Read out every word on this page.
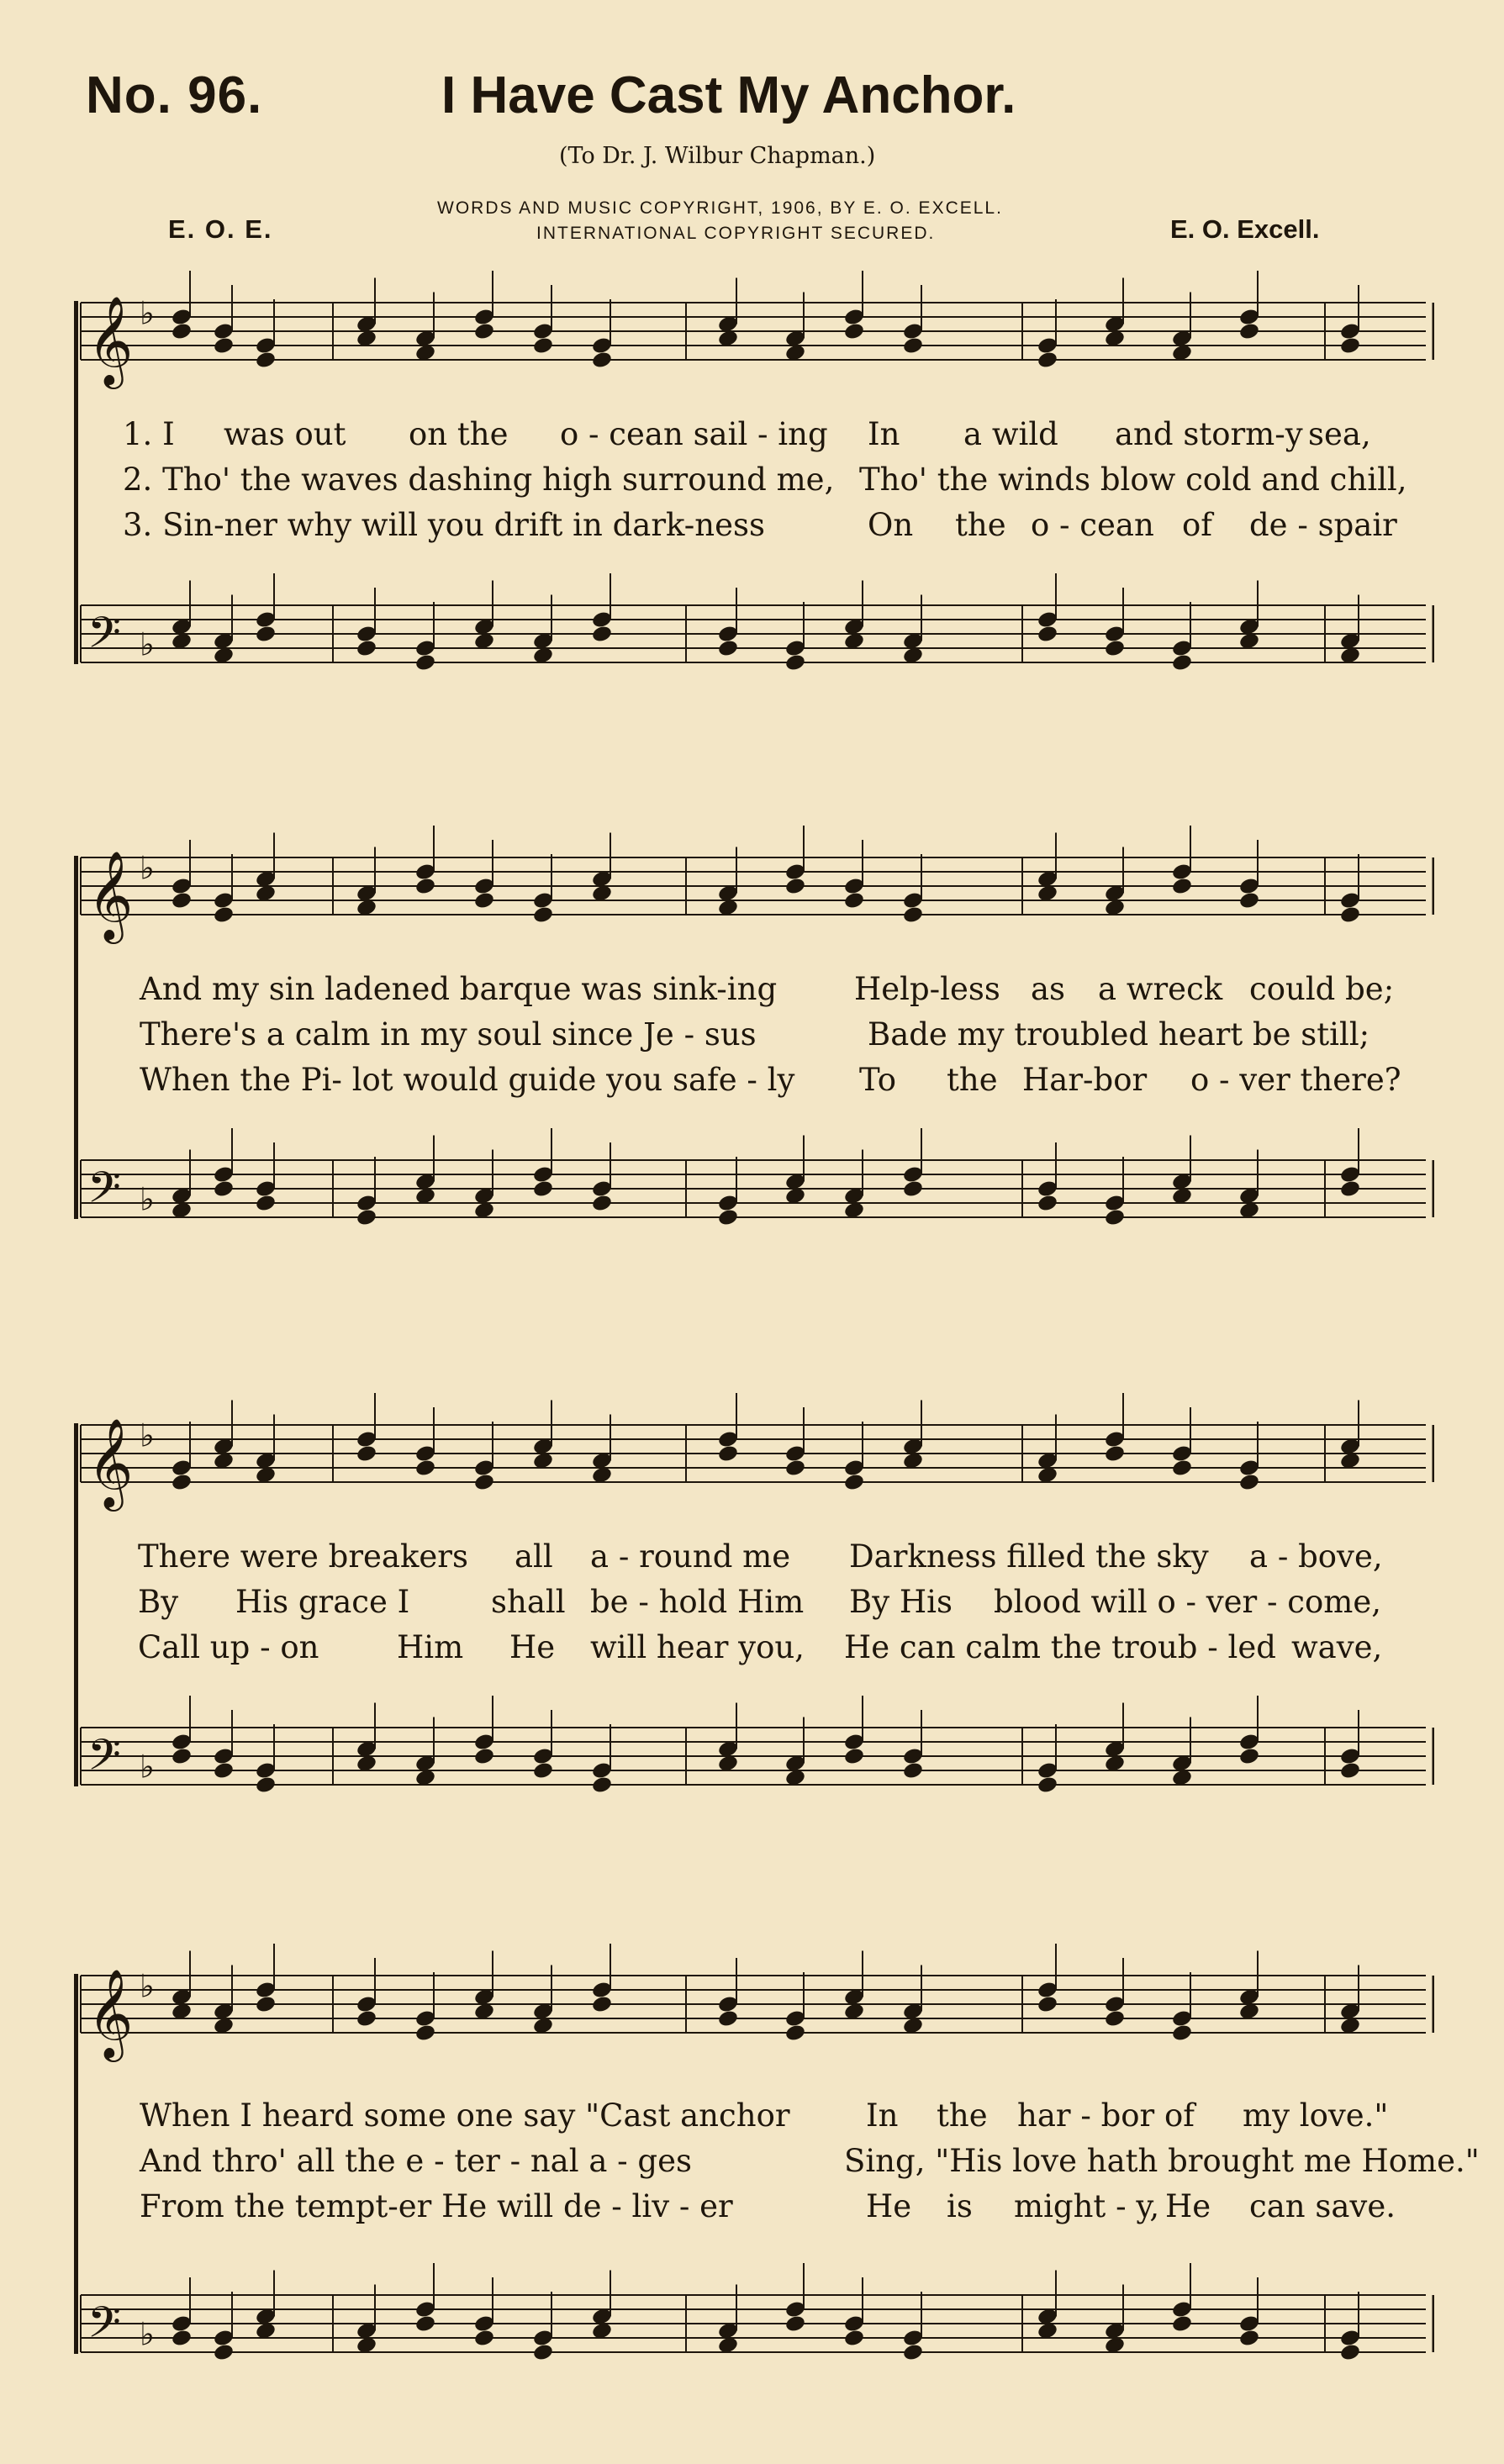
No. 96.	I Have Cast My Anchor.
(To Dr. J. Wilbur Chapman.)
WORDS AND MUSIC COPYRIGHT, 1906, BY E. O. EXCELL.
INTERNATIONAL COPYRIGHT SECURED.
E. O. E.	E. O. Excell.
𝄞 ♭
1. I was out on the o - cean sail - ing In a wild and storm-y sea,
2. Tho' the waves dashing high surround me, Tho' the winds blow cold and chill,
3. Sin-ner why will you drift in dark-ness	On the o - cean of de - spair
𝄢 ♭
𝄞 ♭
And my sin ladened barque was sink-ing Help-less as a wreck could be;
There's a calm in my soul since Je - sus	Bade my troubled heart be still;
When the Pi- lot would guide you safe - ly To the Har-bor o - ver there?
𝄢 ♭
𝄞 ♭
There were breakers all a - round me Darkness filled the sky a - bove,
By His grace I	shall be - hold Him By His blood will o - ver - come,
Call up - on	Him He will hear you, He can calm the troub - led wave,
𝄢 ♭
𝄞 ♭
When I heard some one say "Cast anchor In the har - bor of my love."
And thro' all the e - ter - nal a - ges	Sing, "His love hath brought me Home."
From the tempt-er He will de - liv - er	He is might - y, He can save.
𝄢 ♭
